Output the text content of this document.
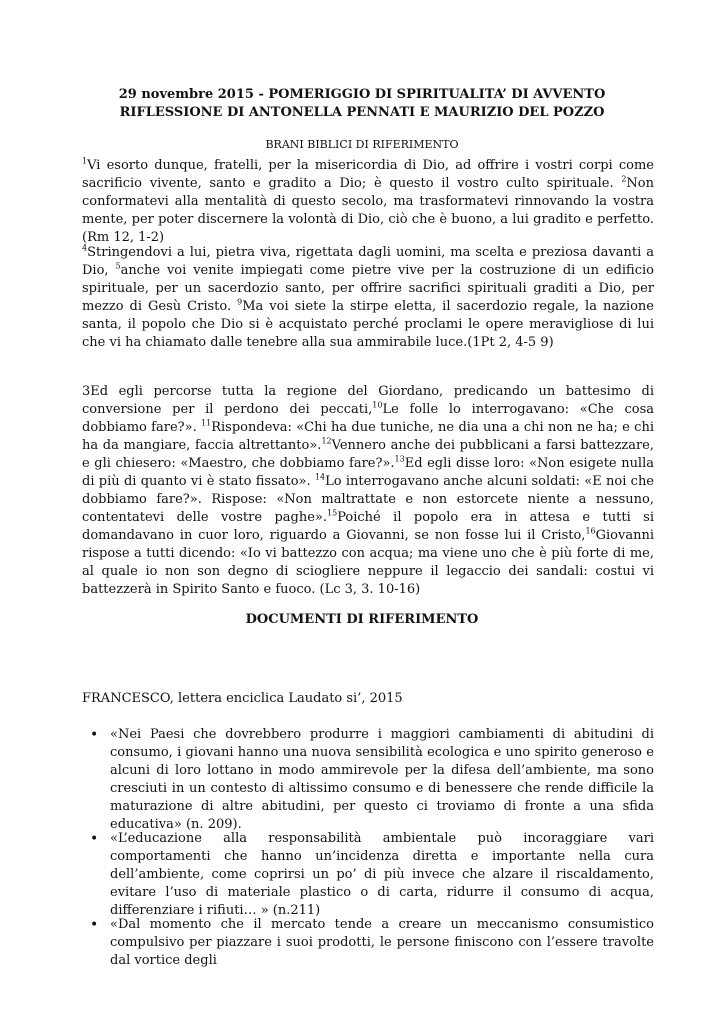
29 novembre 2015 - POMERIGGIO DI SPIRITUALITA’ DI AVVENTO
RIFLESSIONE DI ANTONELLA PENNATI E MAURIZIO DEL POZZO
BRANI BIBLICI DI RIFERIMENTO
$^1$Vi esorto dunque, fratelli, per la misericordia di Dio, ad offrire i vostri corpi come sacrificio vivente, santo e gradito a Dio; è questo il vostro culto spirituale. $^2$Non conformatevi alla mentalità di questo secolo, ma trasformatevi rinnovando la vostra mente, per poter discernere la volontà di Dio, ciò che è buono, a lui gradito e perfetto.(Rm 12, 1-2)
$^4$Stringendovi a lui, pietra viva, rigettata dagli uomini, ma scelta e preziosa davanti a Dio, $^5$anche voi venite impiegati come pietre vive per la costruzione di un edificio spirituale, per un sacerdozio santo, per offrire sacrifici spirituali graditi a Dio, per mezzo di Gesù Cristo. $^9$Ma voi siete la stirpe eletta, il sacerdozio regale, la nazione santa, il popolo che Dio si è acquistato perché proclami le opere meravigliose di lui che vi ha chiamato dalle tenebre alla sua ammirabile luce.(1Pt 2, 4-5 9)
3Ed egli percorse tutta la regione del Giordano, predicando un battesimo di conversione per il perdono dei peccati,$^{10}$Le folle lo interrogavano: «Che cosa dobbiamo fare?». $^{11}$Rispondeva: «Chi ha due tuniche, ne dia una a chi non ne ha; e chi ha da mangiare, faccia altrettanto».$^{12}$Vennero anche dei pubblicani a farsi battezzare, e gli chiesero: «Maestro, che dobbiamo fare?».$^{13}$Ed egli disse loro: «Non esigete nulla di più di quanto vi è stato fissato». $^{14}$Lo interrogavano anche alcuni soldati: «E noi che dobbiamo fare?». Rispose: «Non maltrattate e non estorcete niente a nessuno, contentatevi delle vostre paghe».$^{15}$Poiché il popolo era in attesa e tutti si domandavano in cuor loro, riguardo a Giovanni, se non fosse lui il Cristo,$^{16}$Giovanni rispose a tutti dicendo: «Io vi battezzo con acqua; ma viene uno che è più forte di me, al quale io non son degno di sciogliere neppure il legaccio dei sandali: costui vi battezzerà in Spirito Santo e fuoco. (Lc 3, 3. 10-16)
DOCUMENTI DI RIFERIMENTO
FRANCESCO, lettera enciclica Laudato si’, 2015
• «Nei Paesi che dovrebbero produrre i maggiori cambiamenti di abitudini di consumo, i giovani hanno una nuova sensibilità ecologica e uno spirito generoso e alcuni di loro lottano in modo ammirevole per la difesa dell’ambiente, ma sono cresciuti in un contesto di altissimo consumo e di benessere che rende difficile la maturazione di altre abitudini, per questo ci troviamo di fronte a una sfida educativa» (n. 209).
• «L’educazione alla responsabilità ambientale può incoraggiare vari comportamenti che hanno un’incidenza diretta e importante nella cura dell’ambiente, come coprirsi un po’ di più invece che alzare il riscaldamento, evitare l’uso di materiale plastico o di carta, ridurre il consumo di acqua, differenziare i rifiuti… » (n.211)
• «Dal momento che il mercato tende a creare un meccanismo consumistico compulsivo per piazzare i suoi prodotti, le persone finiscono con l’essere travolte dal vortice degli
